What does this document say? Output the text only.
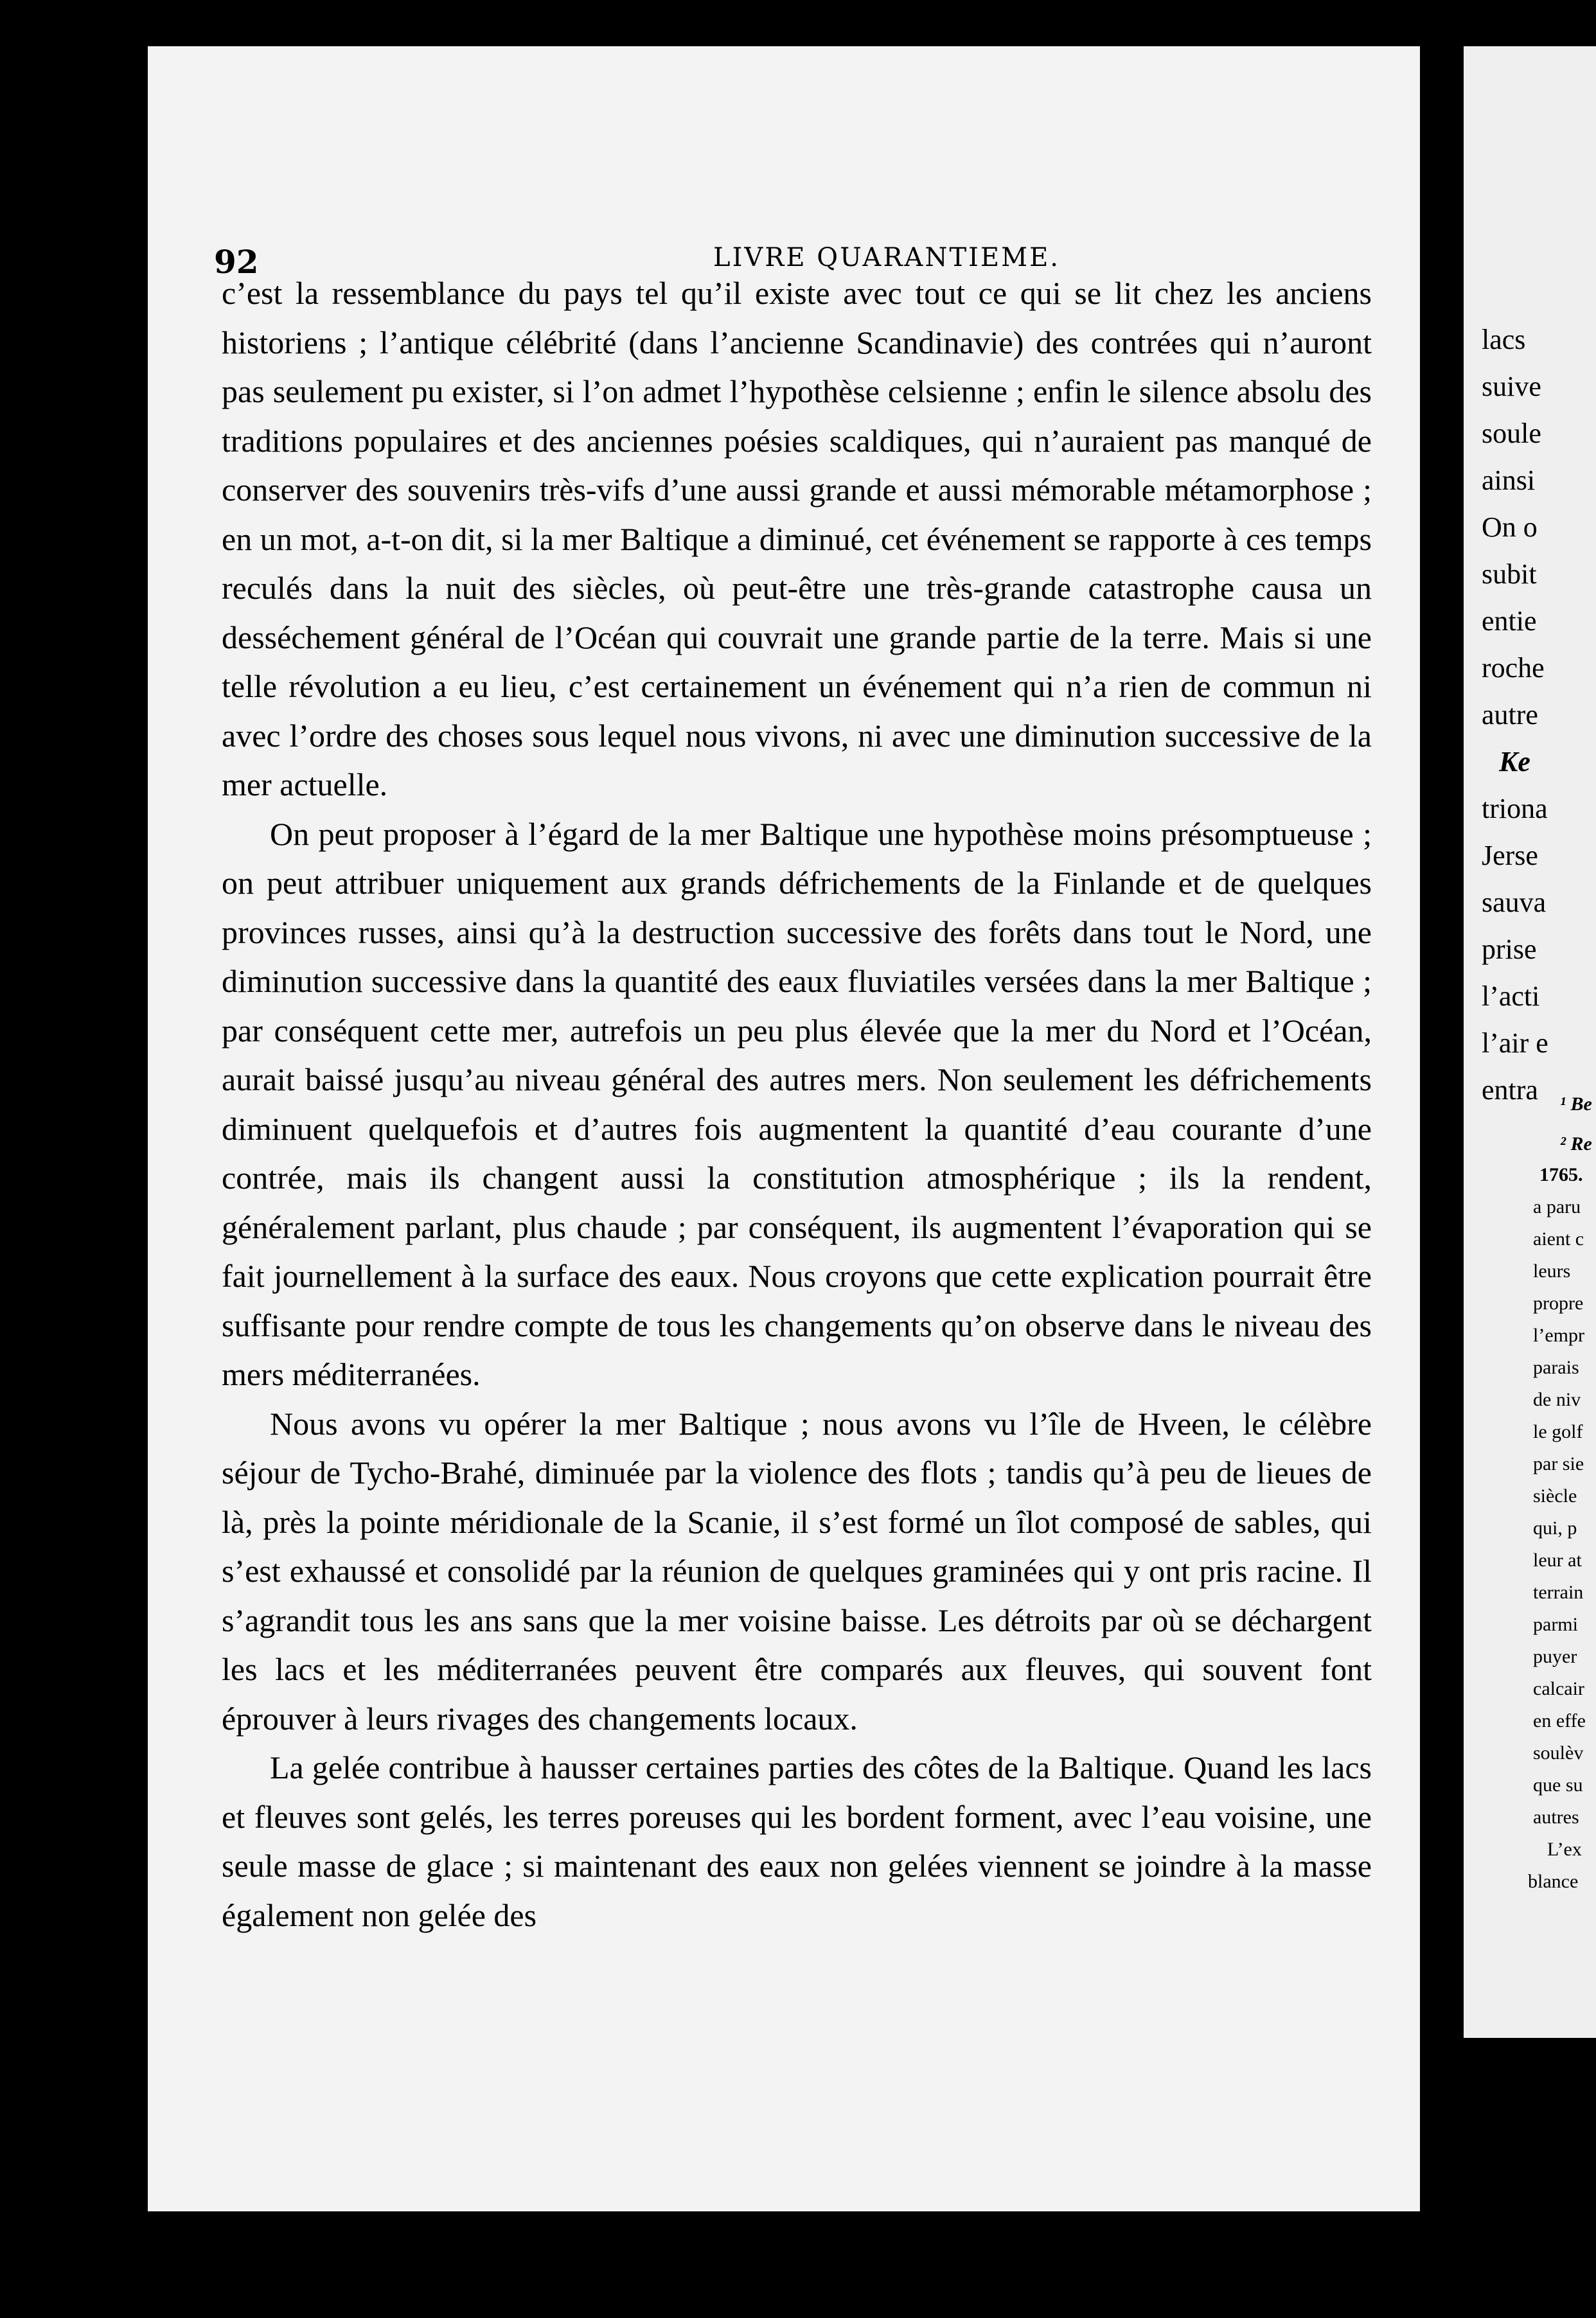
92	LIVRE QUARANTIEME.

c’est la ressemblance du pays tel qu’il existe avec tout ce qui se lit chez les anciens historiens ; l’antique célébrité (dans l’ancienne Scandinavie) des contrées qui n’auront pas seulement pu exister, si l’on admet l’hypothèse celsienne ; enfin le silence absolu des traditions populaires et des anciennes poésies scaldiques, qui n’auraient pas manqué de conserver des souvenirs très-vifs d’une aussi grande et aussi mémorable métamorphose ; en un mot, a-t-on dit, si la mer Baltique a diminué, cet événement se rapporte à ces temps reculés dans la nuit des siècles, où peut-être une très-grande catastrophe causa un desséchement général de l’Océan qui couvrait une grande partie de la terre. Mais si une telle révolution a eu lieu, c’est certainement un événement qui n’a rien de commun ni avec l’ordre des choses sous lequel nous vivons, ni avec une diminution successive de la mer actuelle.

On peut proposer à l’égard de la mer Baltique une hypothèse moins présomptueuse ; on peut attribuer uniquement aux grands défrichements de la Finlande et de quelques provinces russes, ainsi qu’à la destruction successive des forêts dans tout le Nord, une diminution successive dans la quantité des eaux fluviatiles versées dans la mer Baltique ; par conséquent cette mer, autrefois un peu plus élevée que la mer du Nord et l’Océan, aurait baissé jusqu’au niveau général des autres mers. Non seulement les défrichements diminuent quelquefois et d’autres fois augmentent la quantité d’eau courante d’une contrée, mais ils changent aussi la constitution atmosphérique ; ils la rendent, généralement parlant, plus chaude ; par conséquent, ils augmentent l’évaporation qui se fait journellement à la surface des eaux. Nous croyons que cette explication pourrait être suffisante pour rendre compte de tous les changements qu’on observe dans le niveau des mers méditerranées.

Nous avons vu opérer la mer Baltique ; nous avons vu l’île de Hveen, le célèbre séjour de Tycho-Brahé, diminuée par la violence des flots ; tandis qu’à peu de lieues de là, près la pointe méridionale de la Scanie, il s’est formé un îlot composé de sables, qui s’est exhaussé et consolidé par la réunion de quelques graminées qui y ont pris racine. Il s’agrandit tous les ans sans que la mer voisine baisse. Les détroits par où se déchargent les lacs et les méditerranées peuvent être comparés aux fleuves, qui souvent font éprouver à leurs rivages des changements locaux.

La gelée contribue à hausser certaines parties des côtes de la Baltique. Quand les lacs et fleuves sont gelés, les terres poreuses qui les bordent forment, avec l’eau voisine, une seule masse de glace ; si maintenant des eaux non gelées viennent se joindre à la masse également non gelée des

lacs
suive
soule
ainsi
On o
subit
entie
roche
autre
Ke
triona
Jerse
sauva
prise
l’acti
l’air e
entra ¹ Be
² Re
1765.
a paru
aient c
leurs
propre
l’empr
parais
de niv
le golf
par sie
siècle
qui, p
leur at
terrain
parmi
puyer
calcair
en effe
soulèv
que su
autres
L’ex
blance
